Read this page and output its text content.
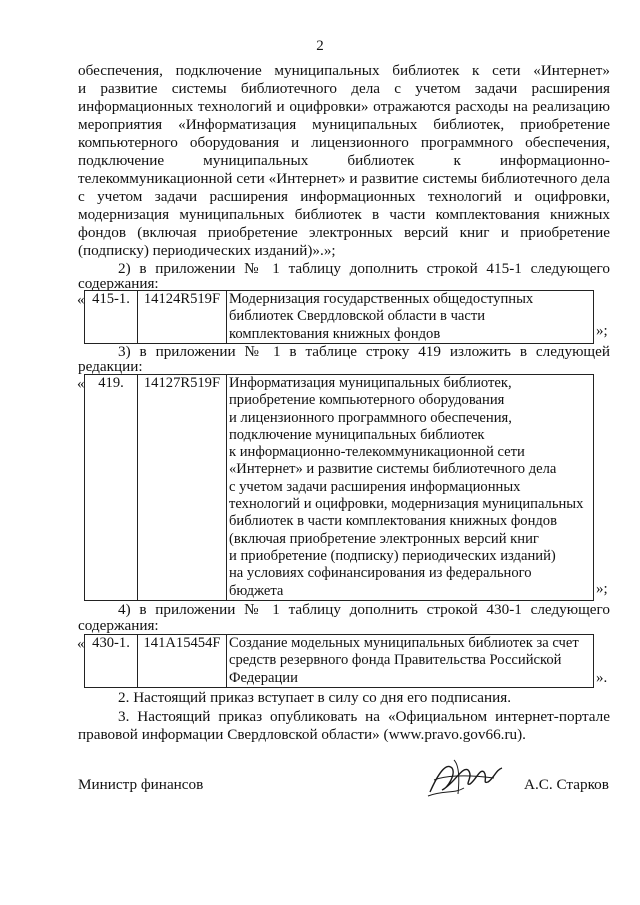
2
обеспечения, подключение муниципальных библиотек к сети «Интернет»
и развитие системы библиотечного дела с учетом задачи расширения
информационных технологий и оцифровки» отражаются расходы на реализацию
мероприятия «Информатизация муниципальных библиотек, приобретение
компьютерного оборудования и лицензионного программного обеспечения,
подключение муниципальных библиотек к информационно-
телекоммуникационной сети «Интернет» и развитие системы библиотечного дела
с учетом задачи расширения информационных технологий и оцифровки,
модернизация муниципальных библиотек в части комплектования книжных
фондов (включая приобретение электронных версий книг и приобретение
(подписку) периодических изданий)».»;
2) в приложении № 1 таблицу дополнить строкой 415-1 следующего
содержания:
« 415-1.	14124R519F	Модернизация государственных общедоступных
библиотек Свердловской области в части
комплектования книжных фондов	»;
3) в приложении № 1 в таблице строку 419 изложить в следующей
редакции:
« 419.	14127R519F	Информатизация муниципальных библиотек,
приобретение компьютерного оборудования
и лицензионного программного обеспечения,
подключение муниципальных библиотек
к информационно-телекоммуникационной сети
«Интернет» и развитие системы библиотечного дела
с учетом задачи расширения информационных
технологий и оцифровки, модернизация муниципальных
библиотек в части комплектования книжных фондов
(включая приобретение электронных версий книг
и приобретение (подписку) периодических изданий)
на условиях софинансирования из федерального
бюджета	»;
4) в приложении № 1 таблицу дополнить строкой 430-1 следующего
содержания:
« 430-1.	141A15454F	Создание модельных муниципальных библиотек за счет
средств резервного фонда Правительства Российской
Федерации	».
2. Настоящий приказ вступает в силу со дня его подписания.
3. Настоящий приказ опубликовать на «Официальном интернет-портале
правовой информации Свердловской области» (www.pravo.gov66.ru).
Министр финансов	А.С. Старков
